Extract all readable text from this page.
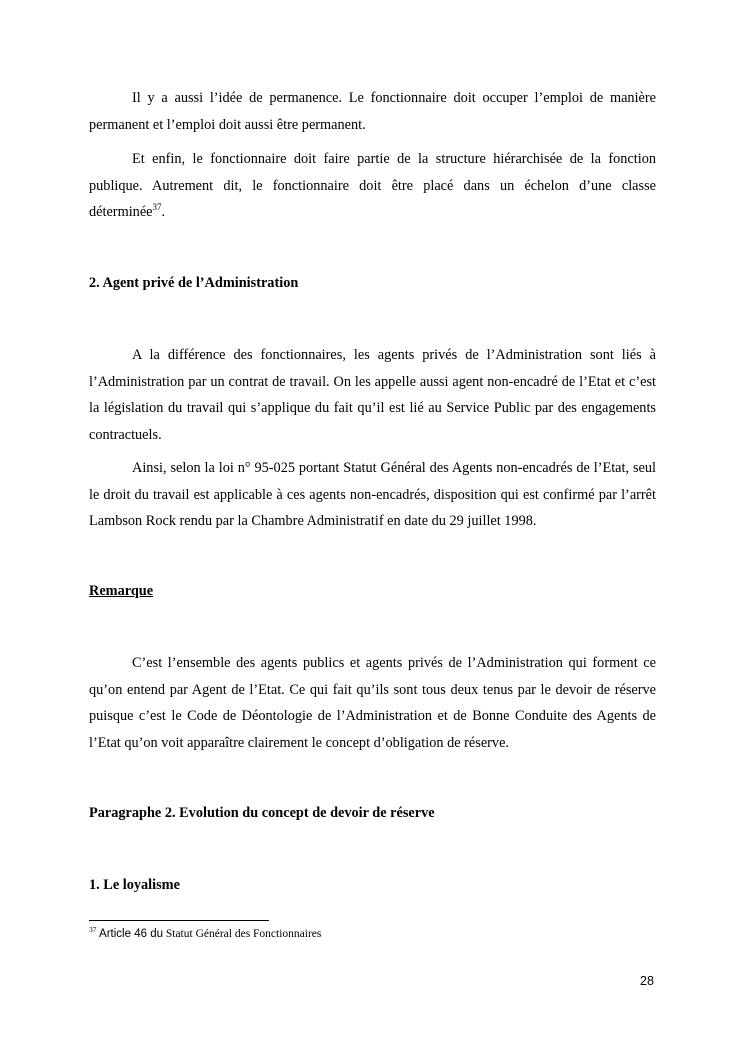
Il y a aussi l’idée de permanence. Le fonctionnaire doit occuper l’emploi de manière permanent et l’emploi doit aussi être permanent.

Et enfin, le fonctionnaire doit faire partie de la structure hiérarchisée de la fonction publique. Autrement dit, le fonctionnaire doit être placé dans un échelon d’une classe déterminée$^{37}$.

2. Agent privé de l’Administration

A la différence des fonctionnaires, les agents privés de l’Administration sont liés à l’Administration par un contrat de travail. On les appelle aussi agent non-encadré de l’Etat et c’est la législation du travail qui s’applique du fait qu’il est lié au Service Public par des engagements contractuels.

Ainsi, selon la loi n° 95-025 portant Statut Général des Agents non-encadrés de l’Etat, seul le droit du travail est applicable à ces agents non-encadrés, disposition qui est confirmé par l’arrêt Lambson Rock rendu par la Chambre Administratif en date du 29 juillet 1998.

Remarque

C’est l’ensemble des agents publics et agents privés de l’Administration qui forment ce qu’on entend par Agent de l’Etat. Ce qui fait qu’ils sont tous deux tenus par le devoir de réserve puisque c’est le Code de Déontologie de l’Administration et de Bonne Conduite des Agents de l’Etat qu’on voit apparaître clairement le concept d’obligation de réserve.

Paragraphe 2. Evolution du concept de devoir de réserve

1. Le loyalisme

$^{37}$ Article 46 du Statut Général des Fonctionnaires

28
